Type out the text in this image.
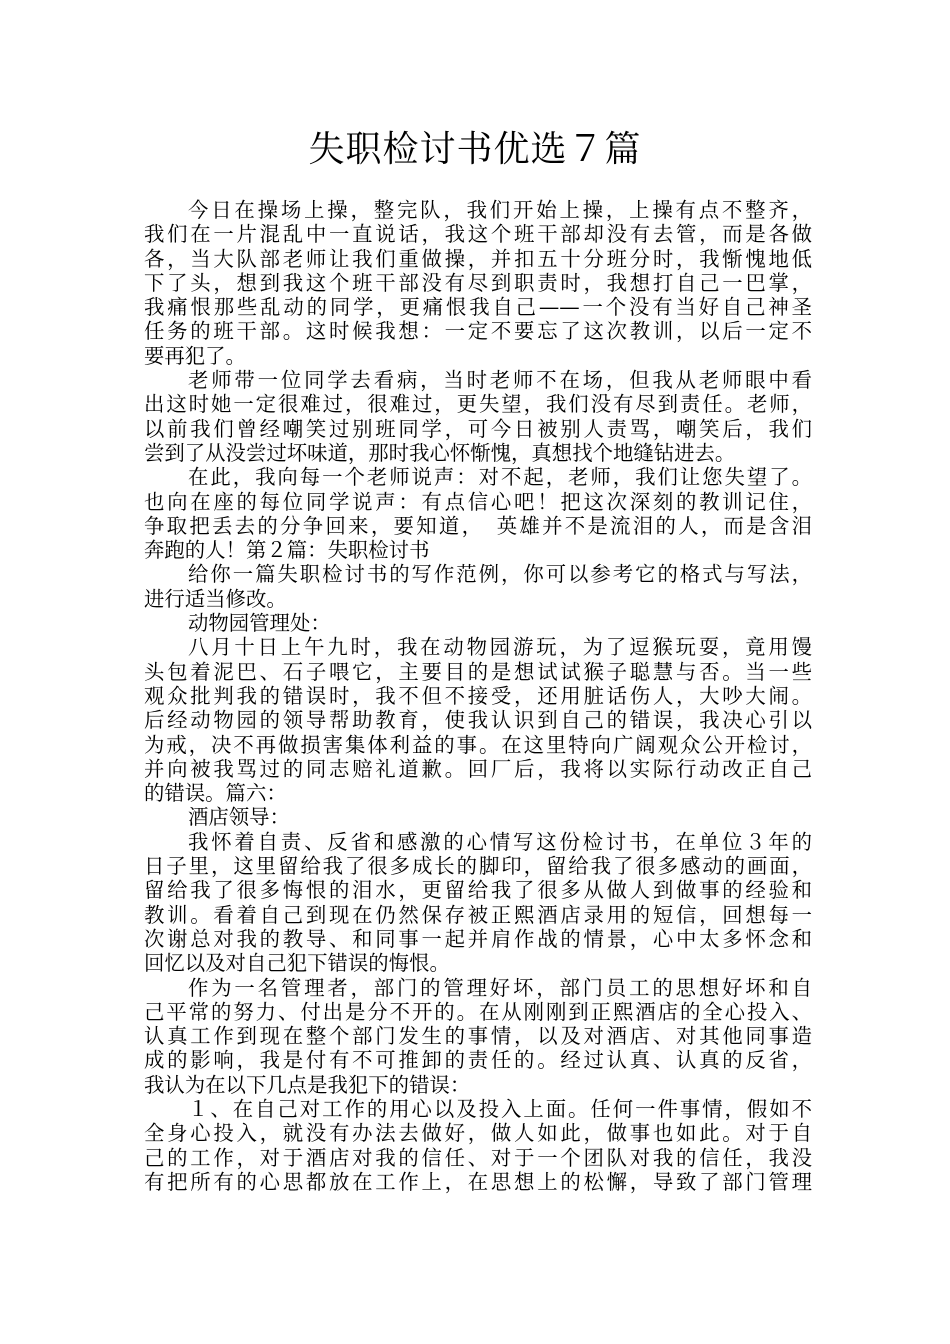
失职检讨书优选７篇
今日在操场上操，整完队，我们开始上操，上操有点不整齐，
我们在一片混乱中一直说话，我这个班干部却没有去管，而是各做
各，当大队部老师让我们重做操，并扣五十分班分时，我惭愧地低
下了头，想到我这个班干部没有尽到职责时，我想打自己一巴掌，
我痛恨那些乱动的同学，更痛恨我自己——一个没有当好自己神圣
任务的班干部。这时候我想：一定不要忘了这次教训，以后一定不
要再犯了。
老师带一位同学去看病，当时老师不在场，但我从老师眼中看
出这时她一定很难过，很难过，更失望，我们没有尽到责任。老师，
以前我们曾经嘲笑过别班同学，可今日被别人责骂，嘲笑后，我们
尝到了从没尝过坏味道，那时我心怀惭愧，真想找个地缝钻进去。
在此，我向每一个老师说声：对不起，老师，我们让您失望了。
也向在座的每位同学说声：有点信心吧！把这次深刻的教训记住，
争取把丢去的分争回来，要知道，　英雄并不是流泪的人，而是含泪
奔跑的人！第２篇：失职检讨书
给你一篇失职检讨书的写作范例，你可以参考它的格式与写法，
进行适当修改。
动物园管理处：
八月十日上午九时，我在动物园游玩，为了逗猴玩耍，竟用馒
头包着泥巴、石子喂它，主要目的是想试试猴子聪慧与否。当一些
观众批判我的错误时，我不但不接受，还用脏话伤人，大吵大闹。
后经动物园的领导帮助教育，使我认识到自己的错误，我决心引以
为戒，决不再做损害集体利益的事。在这里特向广阔观众公开检讨，
并向被我骂过的同志赔礼道歉。回厂后，我将以实际行动改正自己
的错误。篇六：
酒店领导：
我怀着自责、反省和感激的心情写这份检讨书，在单位３年的
日子里，这里留给我了很多成长的脚印，留给我了很多感动的画面，
留给我了很多悔恨的泪水，更留给我了很多从做人到做事的经验和
教训。看着自己到现在仍然保存被正熙酒店录用的短信，回想每一
次谢总对我的教导、和同事一起并肩作战的情景，心中太多怀念和
回忆以及对自己犯下错误的悔恨。
作为一名管理者，部门的管理好坏，部门员工的思想好坏和自
己平常的努力、付出是分不开的。在从刚刚到正熙酒店的全心投入、
认真工作到现在整个部门发生的事情，以及对酒店、对其他同事造
成的影响，我是付有不可推卸的责任的。经过认真、认真的反省，
我认为在以下几点是我犯下的错误：
１、在自己对工作的用心以及投入上面。任何一件事情，假如不
全身心投入，就没有办法去做好，做人如此，做事也如此。对于自
己的工作，对于酒店对我的信任、对于一个团队对我的信任，我没
有把所有的心思都放在工作上，在思想上的松懈，导致了部门管理
